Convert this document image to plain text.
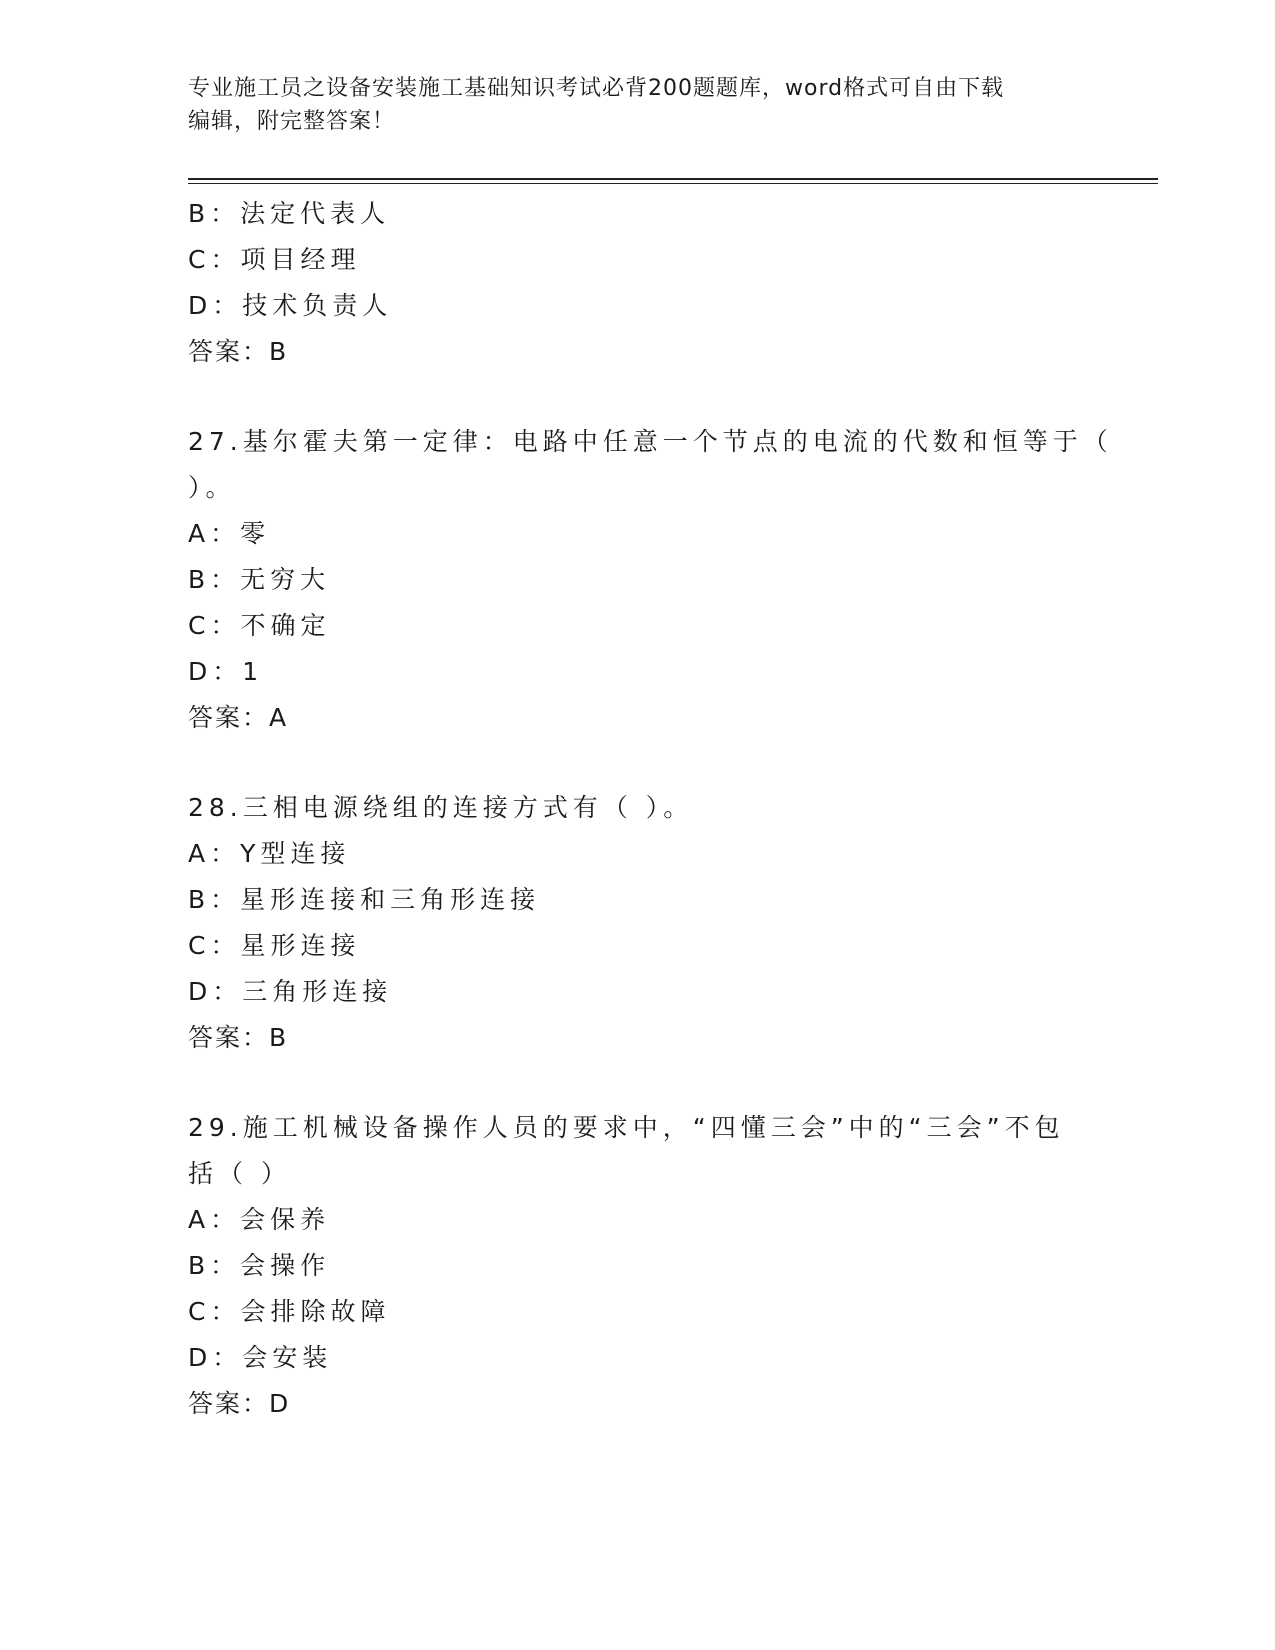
专业施工员之设备安装施工基础知识考试必背200题题库，word格式可自由下载
编辑，附完整答案！
B：法定代表人
C：项目经理
D：技术负责人
答案：B
27.基尔霍夫第一定律：电路中任意一个节点的电流的代数和恒等于（
）。
A：零
B：无穷大
C：不确定
D：1
答案：A
28.三相电源绕组的连接方式有（ ）。
A：Y型连接
B：星形连接和三角形连接
C：星形连接
D：三角形连接
答案：B
29.施工机械设备操作人员的要求中，“四懂三会”中的“三会”不包
括（ ）
A：会保养
B：会操作
C：会排除故障
D：会安装
答案：D
